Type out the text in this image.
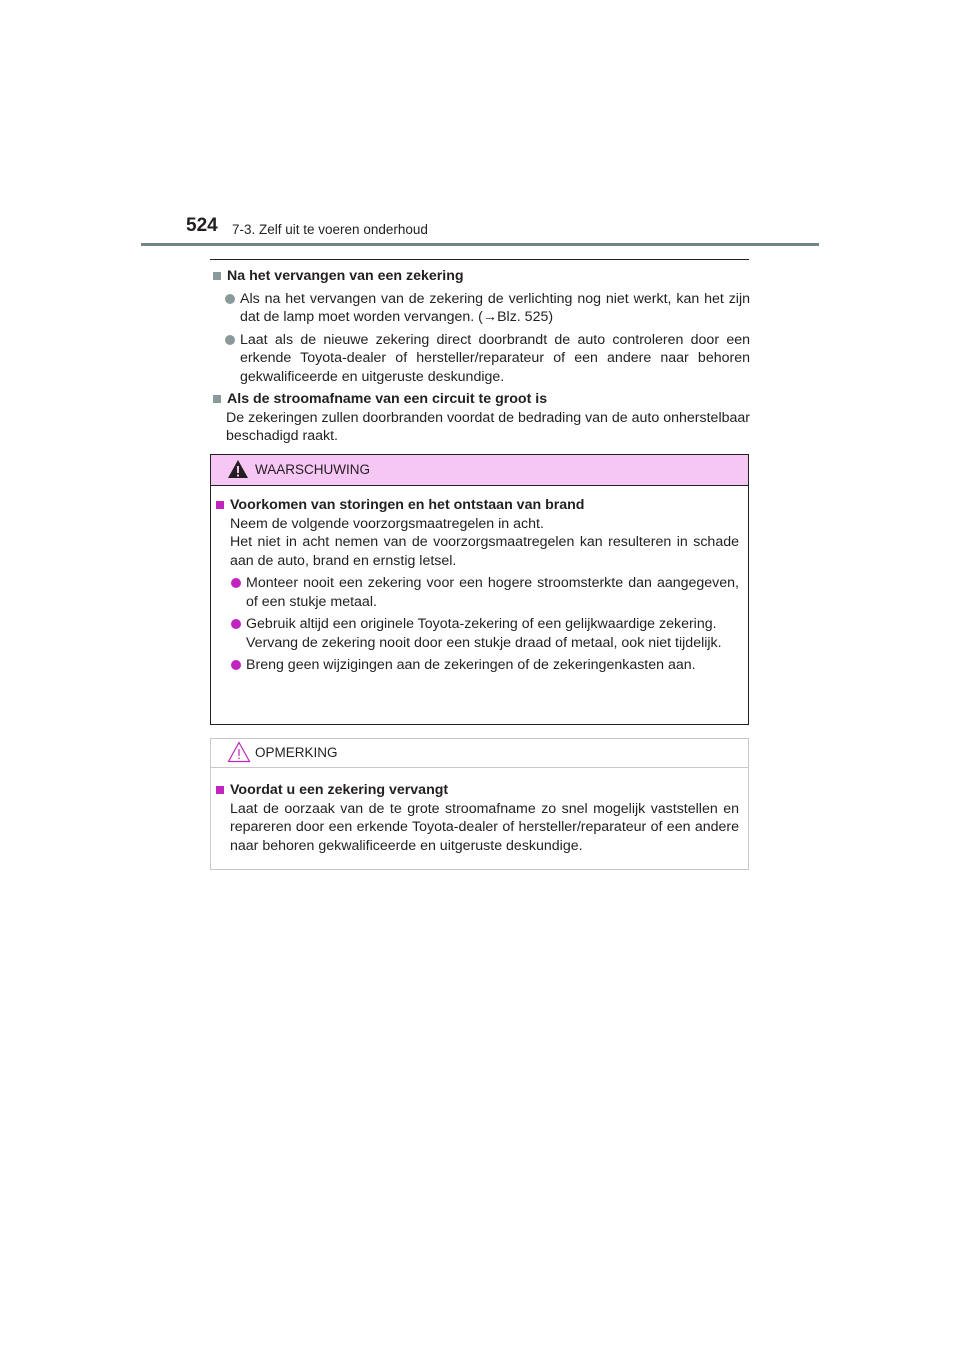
524 7-3. Zelf uit te voeren onderhoud
Na het vervangen van een zekering
Als na het vervangen van de zekering de verlichting nog niet werkt, kan het zijn dat de lamp moet worden vervangen. (→Blz. 525)
Laat als de nieuwe zekering direct doorbrandt de auto controleren door een erkende Toyota-dealer of hersteller/reparateur of een andere naar behoren gekwalificeerde en uitgeruste deskundige.
Als de stroomafname van een circuit te groot is
De zekeringen zullen doorbranden voordat de bedrading van de auto onherstelbaar beschadigd raakt.
WAARSCHUWING
Voorkomen van storingen en het ontstaan van brand
Neem de volgende voorzorgsmaatregelen in acht.
Het niet in acht nemen van de voorzorgsmaatregelen kan resulteren in schade aan de auto, brand en ernstig letsel.
Monteer nooit een zekering voor een hogere stroomsterkte dan aangegeven, of een stukje metaal.
Gebruik altijd een originele Toyota-zekering of een gelijkwaardige zekering.
Vervang de zekering nooit door een stukje draad of metaal, ook niet tijdelijk.
Breng geen wijzigingen aan de zekeringen of de zekeringenkasten aan.
OPMERKING
Voordat u een zekering vervangt
Laat de oorzaak van de te grote stroomafname zo snel mogelijk vaststellen en repareren door een erkende Toyota-dealer of hersteller/reparateur of een andere naar behoren gekwalificeerde en uitgeruste deskundige.
